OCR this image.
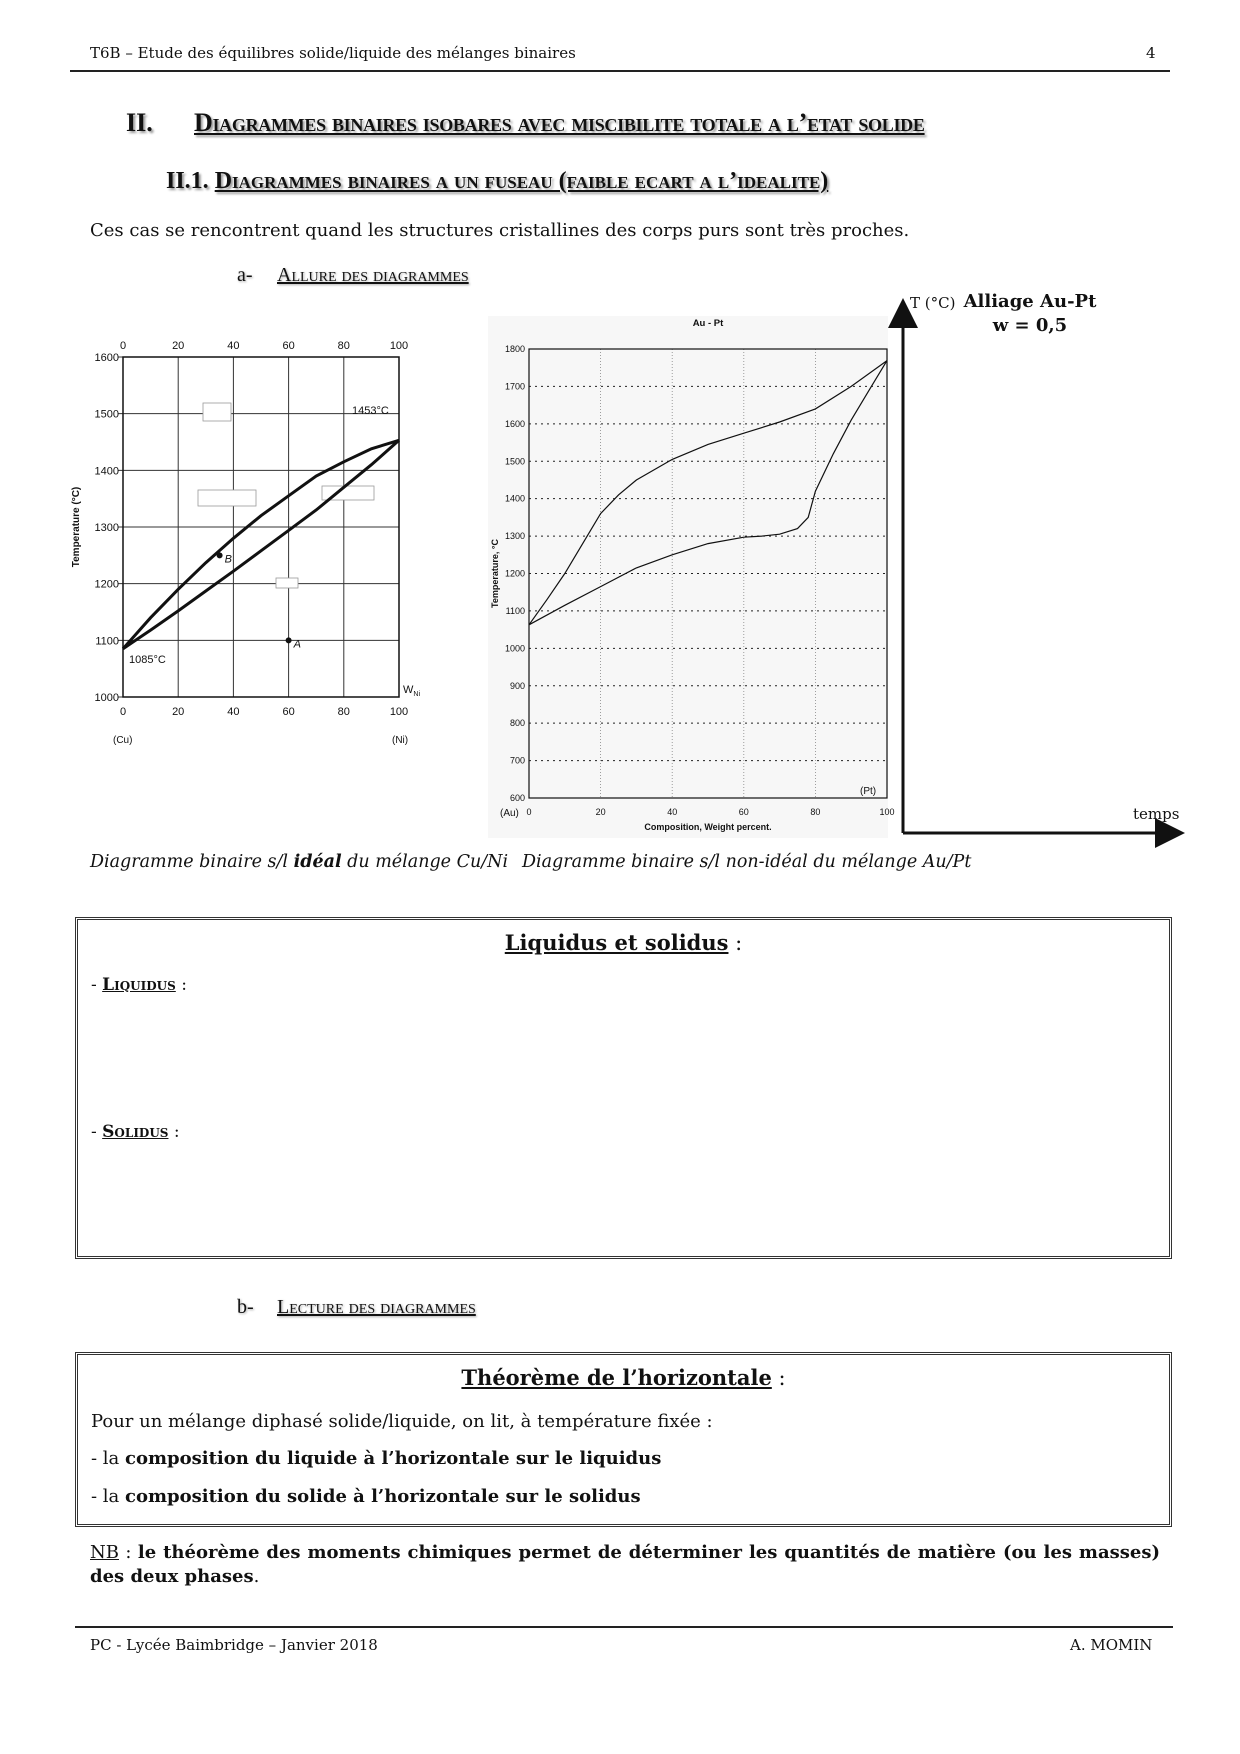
T6B – Etude des équilibres solide/liquide des mélanges binaires	4
II. Diagrammes binaires isobares avec miscibilite totale a l’etat solide
II.1. Diagrammes binaires a un fuseau (faible ecart a l’idealite)
Ces cas se rencontrent quand les structures cristallines des corps purs sont très proches.
a- Allure des diagrammes
0
0
20
20
40
40
60
60
80
80
100
100
1000
1100
1200
1300
1400
1500
1600
B
A
1453°C
1085°C
$W_{Ni}$
(Cu)	(Ni)
Temperature (°C)
0	20	40	60	80	100
600
700
800
900
1000
1100
1200
1300
1400
1500
1600
1700
1800
Au - Pt
Composition, Weight percent.
(Au)
(Pt)
Temperature, °C
T (°C)
temps
Alliage Au-Pt
w = 0,5
Diagramme binaire s/l idéal du mélange Cu/Ni Diagramme binaire s/l non-idéal du mélange Au/Pt
Liquidus et solidus :
- Liquidus :
- Solidus :
b- Lecture des diagrammes
Théorème de l’horizontale :
Pour un mélange diphasé solide/liquide, on lit, à température fixée :
- la composition du liquide à l’horizontale sur le liquidus
- la composition du solide à l’horizontale sur le solidus
NB : le théorème des moments chimiques permet de déterminer les quantités de matière (ou les masses) des deux phases.
PC - Lycée Baimbridge – Janvier 2018	A. MOMIN
